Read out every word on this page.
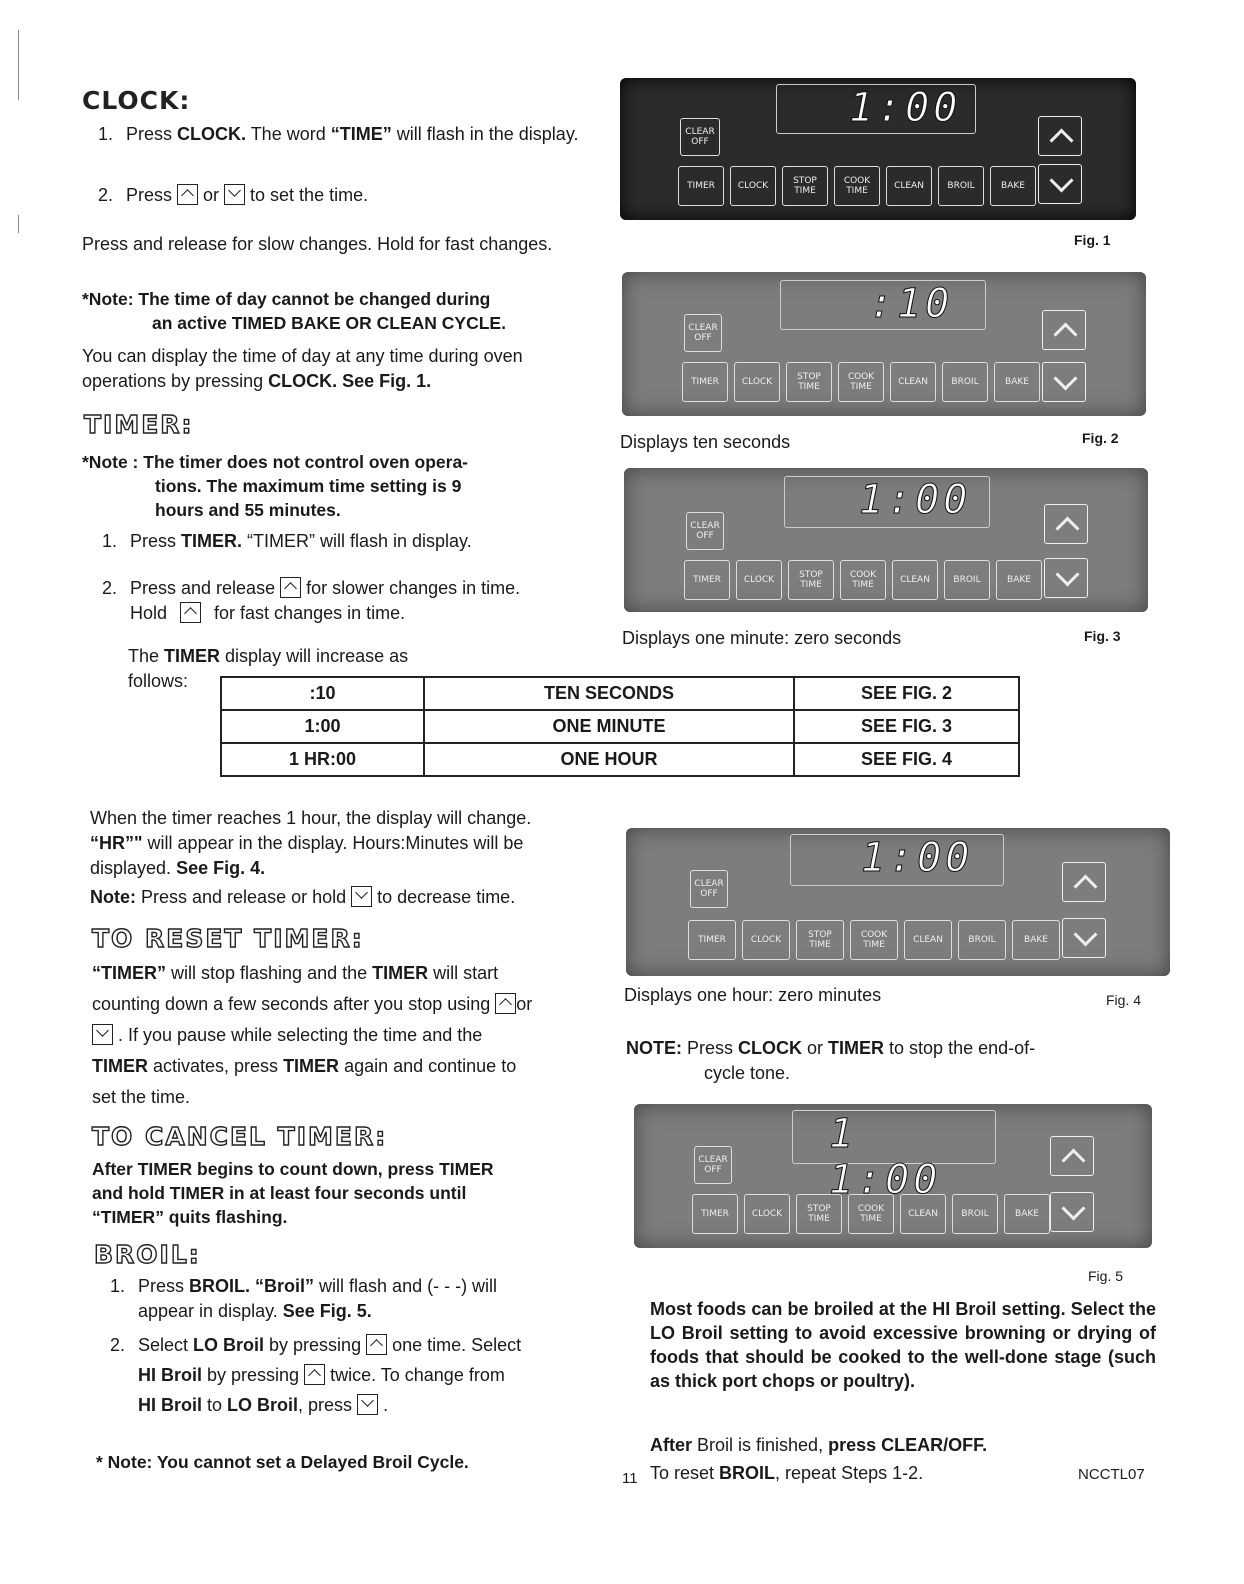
CLOCK:
1. Press CLOCK. The word “TIME” will flash in the display.
2. Press  or  to set the time.
Press and release for slow changes. Hold for fast changes.
*Note: The time of day cannot be changed during
an active TIMED BAKE OR CLEAN CYCLE.
You can display the time of day at any time during oven operations by pressing CLOCK. See Fig. 1.
TIMER:
*Note : The timer does not control oven opera-
tions. The maximum time setting is 9
hours and 55 minutes.
1. Press TIMER. “TIMER” will flash in display.
2. Press and release  for slower changes in time.
Hold  for fast changes in time.
The TIMER display will increase as
follows:
:10	TEN SECONDS	SEE FIG. 2
1:00	ONE MINUTE	SEE FIG. 3
1 HR:00	ONE HOUR	SEE FIG. 4
When the timer reaches 1 hour, the display will change.
“HR”" will appear in the display. Hours:Minutes will be
displayed. See Fig. 4.
Note: Press and release or hold  to decrease time.
TO RESET TIMER:
“TIMER” will stop flashing and the TIMER will start
counting down a few seconds after you stop using or
. If you pause while selecting the time and the
TIMER activates, press TIMER again and continue to
set the time.
TO CANCEL TIMER:
After TIMER begins to count down, press TIMER
and hold TIMER in at least four seconds until
“TIMER” quits flashing.
BROIL:
1. Press BROIL. “Broil” will flash and (- - -) will
appear in display. See Fig. 5.
2. Select LO Broil by pressing  one time. Select
HI Broil by pressing  twice. To change from
HI Broil to LO Broil, press  .
* Note: You cannot set a Delayed Broil Cycle.
1:00
CLEAR OFF
TIMER	CLOCK	STOP TIME
COOK TIME	CLEAN	BROIL	BAKE
Fig. 1
:10
CLEAR OFF
TIMER	CLOCK	STOP TIME
COOK TIME	CLEAN	BROIL	BAKE
Displays ten seconds	Fig. 2
1:00
CLEAR OFF
TIMER	CLOCK	STOP TIME
COOK TIME	CLEAN	BROIL	BAKE
Displays one minute: zero seconds	Fig. 3
1:00
CLEAR OFF
TIMER	CLOCK	STOP TIME
COOK TIME	CLEAN	BROIL	BAKE
Displays one hour: zero minutes	Fig. 4
NOTE: Press CLOCK or TIMER to stop the end-of-
cycle tone.
1 1:00
CLEAR OFF
TIMER	CLOCK	STOP TIME
COOK TIME	CLEAN	BROIL	BAKE
Fig. 5
Most foods can be broiled at the HI Broil setting. Select the LO Broil setting to avoid excessive browning or drying of foods that should be cooked to the well-done stage (such as thick port chops or poultry).
After Broil is finished, press CLEAR/OFF.
11 To reset BROIL, repeat Steps 1-2.	NCCTL07
